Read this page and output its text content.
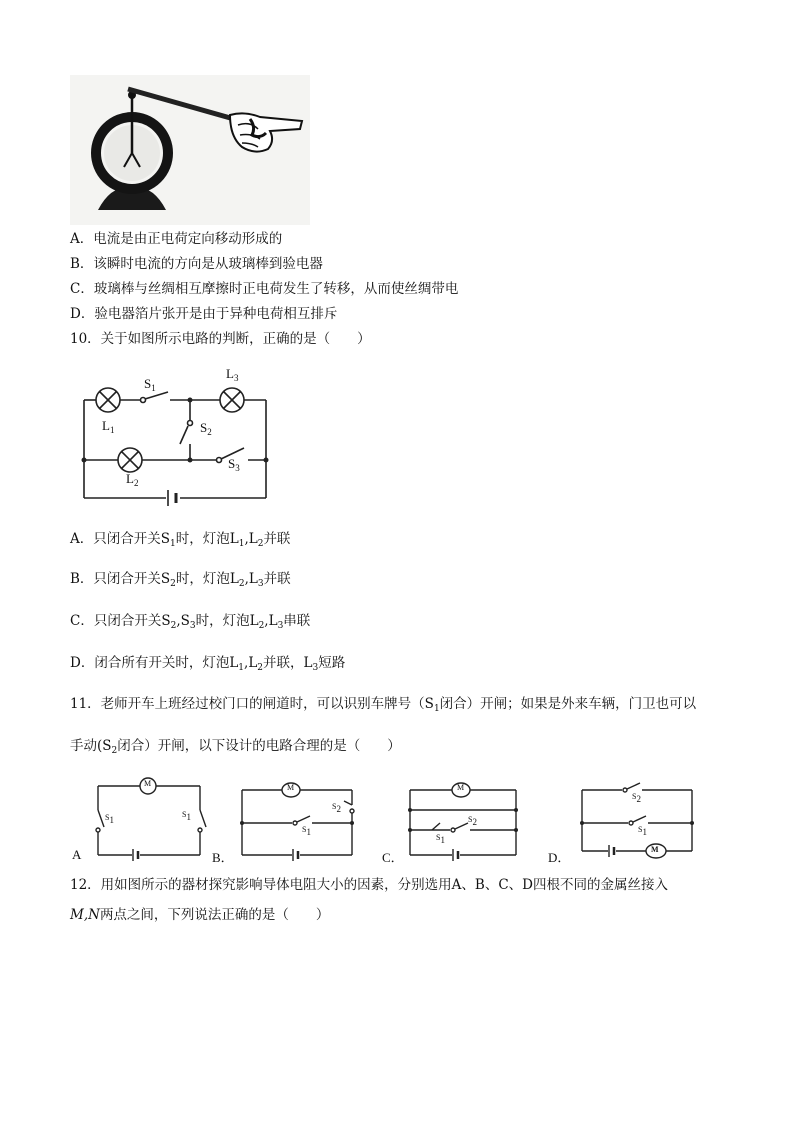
A．电流是由正电荷定向移动形成的
B．该瞬时电流的方向是从玻璃棒到验电器
C．玻璃棒与丝绸相互摩擦时正电荷发生了转移，从而使丝绸带电
D．验电器箔片张开是由于异种电荷相互排斥
10．关于如图所示电路的判断，正确的是（　　）
$S_1$
$L_3$
$L_1$	$S_2$
$L_2$
$S_3$
A．只闭合开关$S_1$时，灯泡$L_1,L_2$并联
B．只闭合开关$S_2$时，灯泡$L_2,L_3$并联
C．只闭合开关$S_2,S_3$时，灯泡$L_2,L_3$串联
D．闭合所有开关时，灯泡$L_1,L_2$并联，$L_3$短路
11．老师开车上班经过校门口的闸道时，可以识别车牌号（$S_1$闭合）开闸；如果是外来车辆，门卫也可以
手动($S_2$闭合）开闸，以下设计的电路合理的是（　　）
M
$S_1$
$S_1$
A
M
$S_2$
$S_1$
B．
M
$S_2$
$S_1$
C．
$S_2$
$S_1$
M
D．
12．用如图所示的器材探究影响导体电阻大小的因素，分别选用A、B、C、D四根不同的金属丝接入
M,N两点之间，下列说法正确的是（　　）
